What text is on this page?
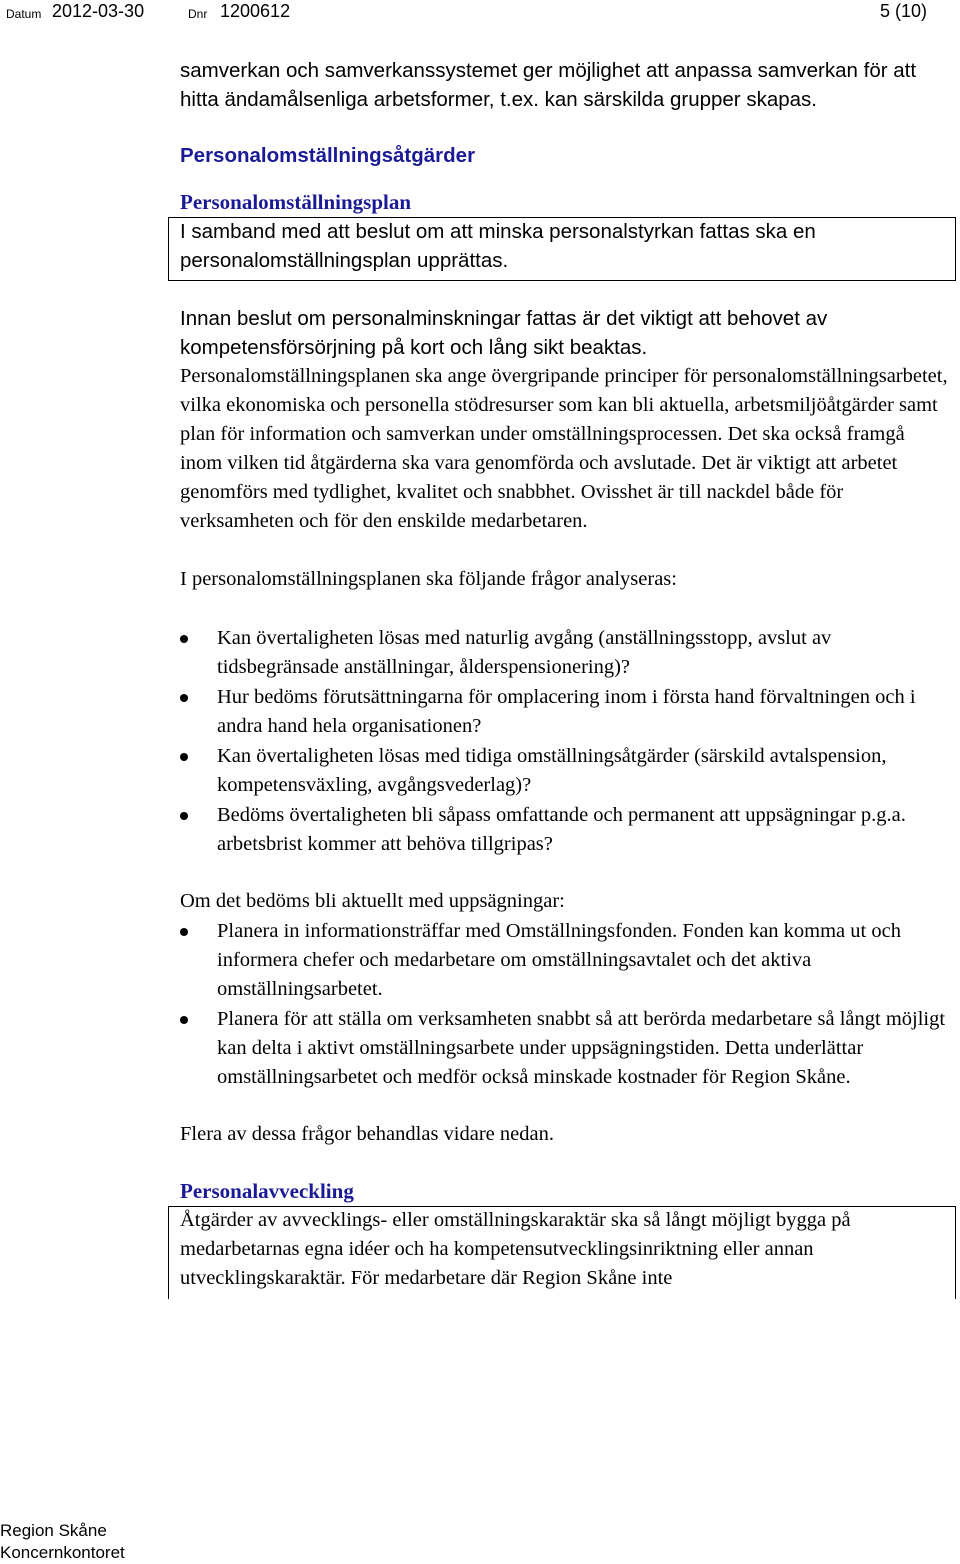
Datum 2012-03-30	Dnr 1200612	5 (10)

samverkan och samverkanssystemet ger möjlighet att anpassa samverkan för att hitta ändamålsenliga arbetsformer, t.ex. kan särskilda grupper skapas.

Personalomställningsåtgärder
Personalomställningsplan

I samband med att beslut om att minska personalstyrkan fattas ska en personalomställningsplan upprättas.

Innan beslut om personalminskningar fattas är det viktigt att behovet av kompetensförsörjning på kort och lång sikt beaktas.

Personalomställningsplanen ska ange övergripande principer för personalomställningsarbetet, vilka ekonomiska och personella stödresurser som kan bli aktuella, arbetsmiljöåtgärder samt plan för information och samverkan under omställningsprocessen. Det ska också framgå inom vilken tid åtgärderna ska vara genomförda och avslutade. Det är viktigt att arbetet genomförs med tydlighet, kvalitet och snabbhet. Ovisshet är till nackdel både för verksamheten och för den enskilde medarbetaren.

I personalomställningsplanen ska följande frågor analyseras:

Kan övertaligheten lösas med naturlig avgång (anställningsstopp, avslut av tidsbegränsade anställningar, ålderspensionering)?
Hur bedöms förutsättningarna för omplacering inom i första hand förvaltningen och i andra hand hela organisationen?
Kan övertaligheten lösas med tidiga omställningsåtgärder (särskild avtalspension, kompetensväxling, avgångsvederlag)?
Bedöms övertaligheten bli såpass omfattande och permanent att uppsägningar p.g.a. arbetsbrist kommer att behöva tillgripas?

Om det bedöms bli aktuellt med uppsägningar:

Planera in informationsträffar med Omställningsfonden. Fonden kan komma ut och informera chefer och medarbetare om omställningsavtalet och det aktiva omställningsarbetet.
Planera för att ställa om verksamheten snabbt så att berörda medarbetare så långt möjligt kan delta i aktivt omställningsarbete under uppsägningstiden. Detta underlättar omställningsarbetet och medför också minskade kostnader för Region Skåne.

Flera av dessa frågor behandlas vidare nedan.

Personalavveckling

Åtgärder av avvecklings- eller omställningskaraktär ska så långt möjligt bygga på medarbetarnas egna idéer och ha kompetensutvecklingsinriktning eller annan utvecklingskaraktär. För medarbetare där Region Skåne inte

Region Skåne
Koncernkontoret
